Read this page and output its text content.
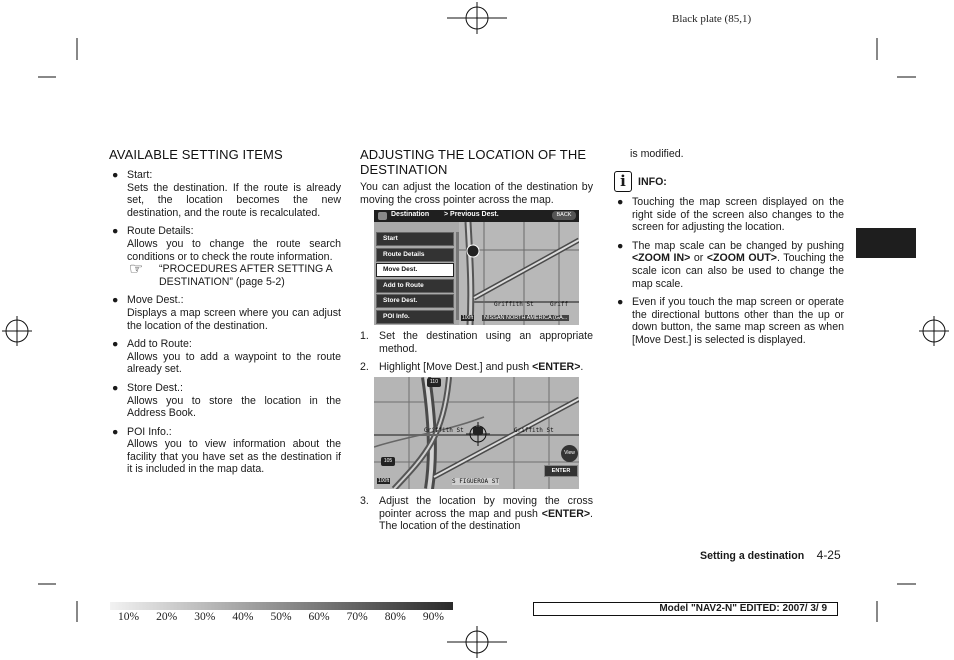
Black plate (85,1)
AVAILABLE SETTING ITEMS
● Start:

Sets the destination. If the route is already set, the location becomes the new destination, and the route is recalculated.

● Route Details:

Allows you to change the route search conditions or to check the route information.

☞ “PROCEDURES AFTER SETTING A DESTINATION” (page 5-2)

● Move Dest.:

Displays a map screen where you can adjust the location of the destination.

● Add to Route:

Allows you to add a waypoint to the route already set.

● Store Dest.:

Allows you to store the location in the Address Book.

● POI Info.:

Allows you to view information about the facility that you have set as the destination if it is included in the map data.

ADJUSTING THE LOCATION OF THE
DESTINATION
You can adjust the location of the destination by moving the cross pointer across the map.
Destination > Previous Dest.	BACK
Start
Route Details
Move Dest.
Add to Route
Store Dest.
POI Info.
Griffith St	Griff
100ft	NISSAN NORTH AMERICA (GA...
1. Set the destination using an appropriate method.
2. Highlight [Move Dest.] and push <ENTER>.
110
105
Griffith St	Griffith St
S FIGUEROA ST
100ft
View
ENTER
3. Adjust the location by moving the cross pointer across the map and push <ENTER>. The location of the destination
is modified.
i	INFO:
● Touching the map screen displayed on the right side of the screen also changes to the screen for adjusting the location.

● The map scale can be changed by pushing <ZOOM IN> or <ZOOM OUT>. Touching the scale icon can also be used to change the map scale.

● Even if you touch the map screen or operate the directional buttons other than the up or down button, the same map screen as when [Move Dest.] is selected is displayed.

Setting a destination 4-25
10% 20% 30% 40% 50% 60% 70% 80% 90%
Model "NAV2-N" EDITED: 2007/ 3/ 9
